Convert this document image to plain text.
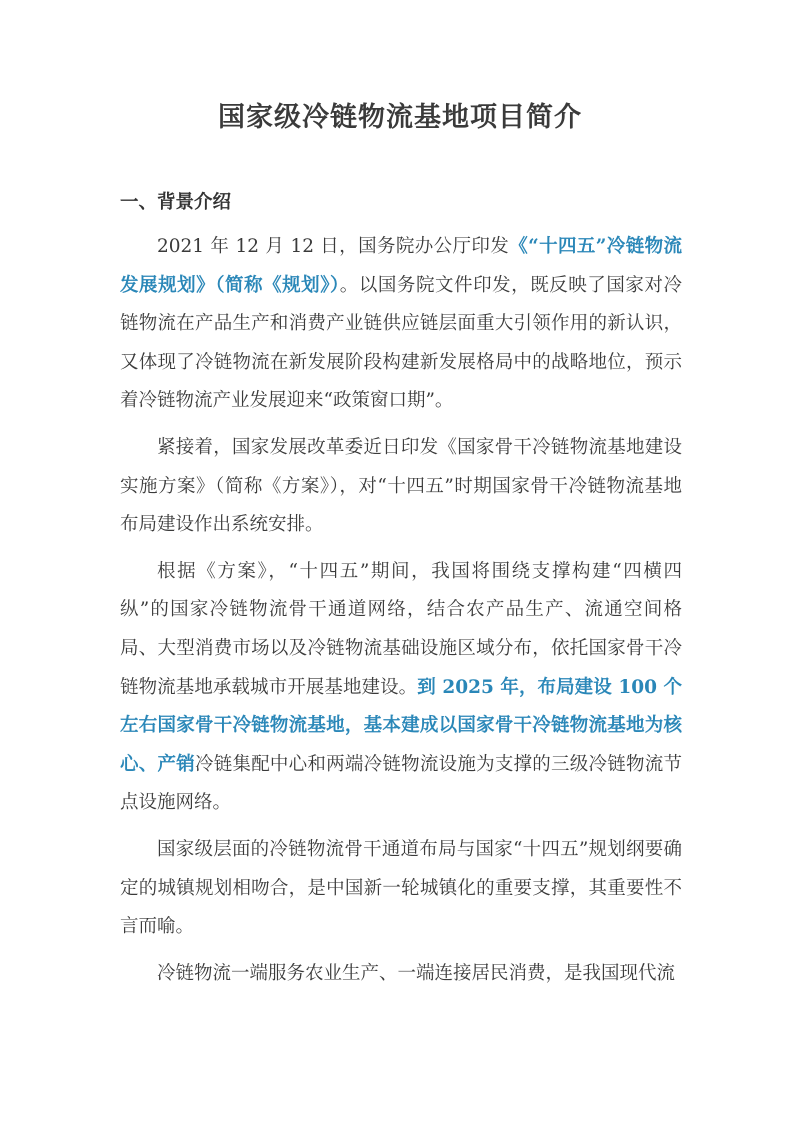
国家级冷链物流基地项目简介
一、背景介绍

2021 年 12 月 12 日，国务院办公厅印发《“十四五”冷链物流发展规划》（简称《规划》）。以国务院文件印发，既反映了国家对冷链物流在产品生产和消费产业链供应链层面重大引领作用的新认识，又体现了冷链物流在新发展阶段构建新发展格局中的战略地位，预示着冷链物流产业发展迎来“政策窗口期”。

紧接着，国家发展改革委近日印发《国家骨干冷链物流基地建设实施方案》（简称《方案》），对“十四五”时期国家骨干冷链物流基地布局建设作出系统安排。

根据《方案》，“十四五”期间，我国将围绕支撑构建“四横四纵”的国家冷链物流骨干通道网络，结合农产品生产、流通空间格局、大型消费市场以及冷链物流基础设施区域分布，依托国家骨干冷链物流基地承载城市开展基地建设。到 2025 年，布局建设 100 个左右国家骨干冷链物流基地，基本建成以国家骨干冷链物流基地为核心、产销冷链集配中心和两端冷链物流设施为支撑的三级冷链物流节点设施网络。

国家级层面的冷链物流骨干通道布局与国家“十四五”规划纲要确定的城镇规划相吻合，是中国新一轮城镇化的重要支撑，其重要性不言而喻。

冷链物流一端服务农业生产、一端连接居民消费，是我国现代流
